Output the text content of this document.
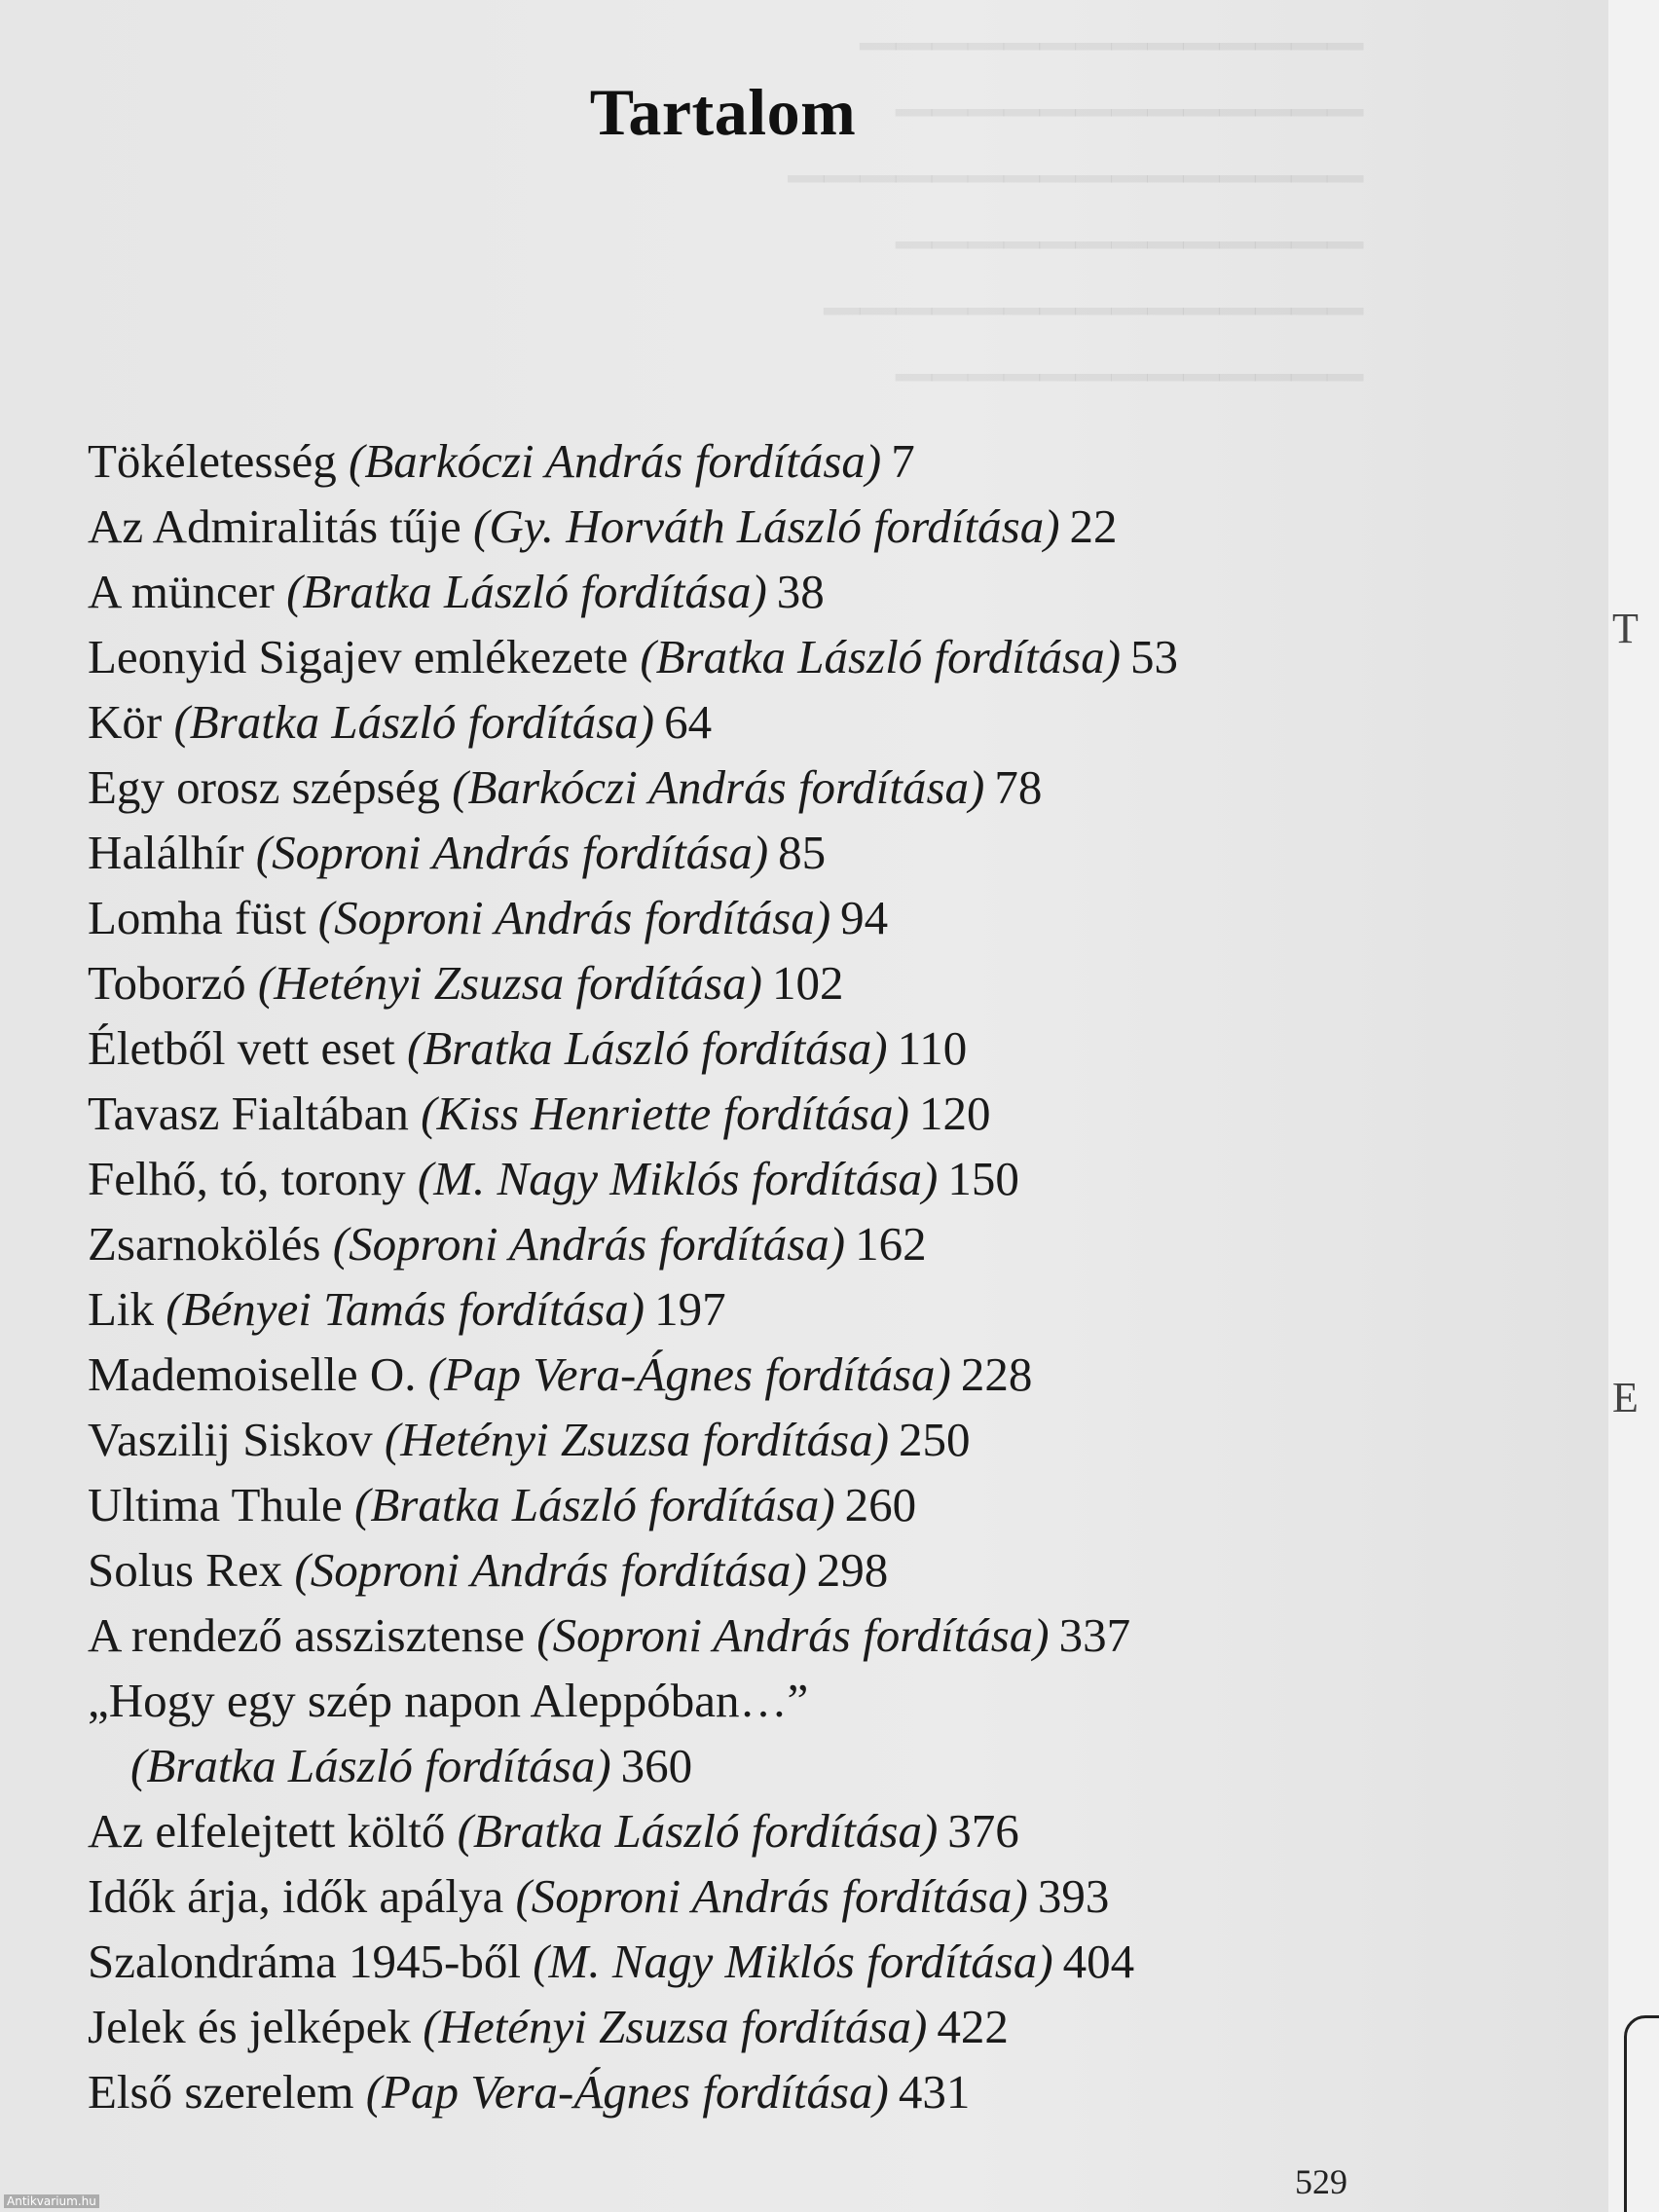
▔▔▔▔▔▔▔▔▔▔▔▔▔▔
▔▔▔▔▔▔▔▔▔▔▔▔▔
▔▔▔▔▔▔▔▔▔▔▔▔▔▔▔▔
▔▔▔▔▔▔▔▔▔▔▔▔▔
▔▔▔▔▔▔▔▔▔▔▔▔▔▔▔
▔▔▔▔▔▔▔▔▔▔▔▔▔
Tartalom
Tökéletesség (Barkóczi András fordítása) 7
Az Admiralitás tűje (Gy. Horváth László fordítása) 22
A müncer (Bratka László fordítása) 38
Leonyid Sigajev emlékezete (Bratka László fordítása) 53
Kör (Bratka László fordítása) 64
Egy orosz szépség (Barkóczi András fordítása) 78
Halálhír (Soproni András fordítása) 85
Lomha füst (Soproni András fordítása) 94
Toborzó (Hetényi Zsuzsa fordítása) 102
Életből vett eset (Bratka László fordítása) 110
Tavasz Fialtában (Kiss Henriette fordítása) 120
Felhő, tó, torony (M. Nagy Miklós fordítása) 150
Zsarnokölés (Soproni András fordítása) 162
Lik (Bényei Tamás fordítása) 197
Mademoiselle O. (Pap Vera-Ágnes fordítása) 228
Vaszilij Siskov (Hetényi Zsuzsa fordítása) 250
Ultima Thule (Bratka László fordítása) 260
Solus Rex (Soproni András fordítása) 298
A rendező asszisztense (Soproni András fordítása) 337
„Hogy egy szép napon Aleppóban…”
(Bratka László fordítása) 360
Az elfelejtett költő (Bratka László fordítása) 376
Idők árja, idők apálya (Soproni András fordítása) 393
Szalondráma 1945-ből (M. Nagy Miklós fordítása) 404
Jelek és jelképek (Hetényi Zsuzsa fordítása) 422
Első szerelem (Pap Vera-Ágnes fordítása) 431
529
T
E
Antikvarium.hu
